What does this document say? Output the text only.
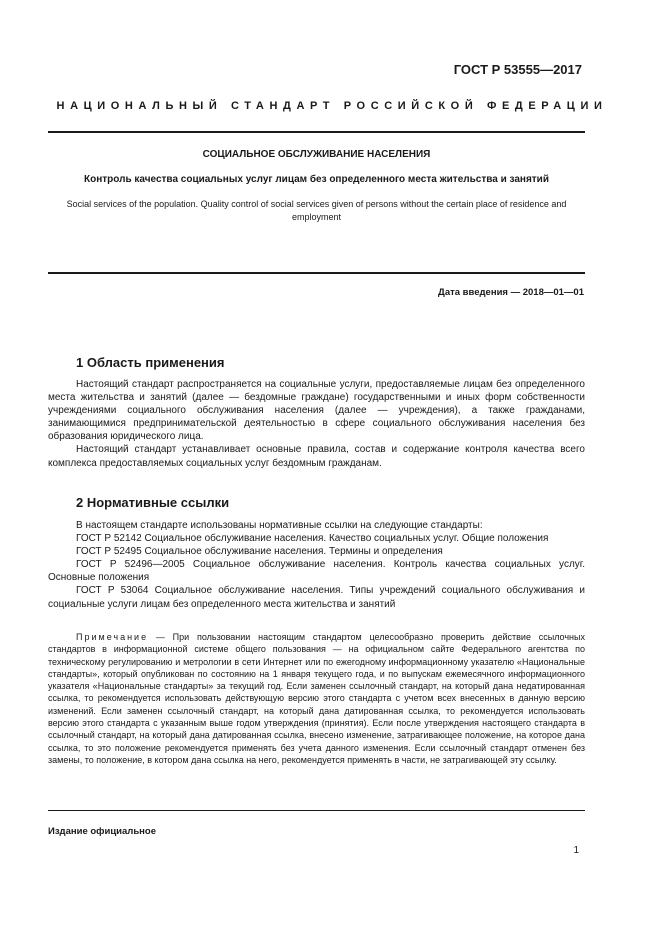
ГОСТ Р 53555—2017
НАЦИОНАЛЬНЫЙ СТАНДАРТ РОССИЙСКОЙ ФЕДЕРАЦИИ
СОЦИАЛЬНОЕ ОБСЛУЖИВАНИЕ НАСЕЛЕНИЯ
Контроль качества социальных услуг лицам без определенного места жительства и занятий
Social services of the population. Quality control of social services given of persons without the certain place of residence and employment
Дата введения — 2018—01—01
1 Область применения

Настоящий стандарт распространяется на социальные услуги, предоставляемые лицам без определенного места жительства и занятий (далее — бездомные граждане) государственными и иных форм собственности учреждениями социального обслуживания населения (далее — учреждения), а также гражданами, занимающимися предпринимательской деятельностью в сфере социального обслуживания населения без образования юридического лица.

Настоящий стандарт устанавливает основные правила, состав и содержание контроля качества всего комплекса предоставляемых социальных услуг бездомным гражданам.

2 Нормативные ссылки

В настоящем стандарте использованы нормативные ссылки на следующие стандарты:

ГОСТ Р 52142 Социальное обслуживание населения. Качество социальных услуг. Общие положения

ГОСТ Р 52495 Социальное обслуживание населения. Термины и определения

ГОСТ Р 52496—2005 Социальное обслуживание населения. Контроль качества социальных услуг. Основные положения

ГОСТ Р 53064 Социальное обслуживание населения. Типы учреждений социального обслуживания и социальные услуги лицам без определенного места жительства и занятий

Примечание — При пользовании настоящим стандартом целесообразно проверить действие ссылочных стандартов в информационной системе общего пользования — на официальном сайте Федерального агентства по техническому регулированию и метрологии в сети Интернет или по ежегодному информационному указателю «Национальные стандарты», который опубликован по состоянию на 1 января текущего года, и по выпускам ежемесячного информационного указателя «Национальные стандарты» за текущий год. Если заменен ссылочный стандарт, на который дана недатированная ссылка, то рекомендуется использовать действующую версию этого стандарта с учетом всех внесенных в данную версию изменений. Если заменен ссылочный стандарт, на который дана датированная ссылка, то рекомендуется использовать версию этого стандарта с указанным выше годом утверждения (принятия). Если после утверждения настоящего стандарта в ссылочный стандарт, на который дана датированная ссылка, внесено изменение, затрагивающее положение, на которое дана ссылка, то это положение рекомендуется применять без учета данного изменения. Если ссылочный стандарт отменен без замены, то положение, в котором дана ссылка на него, рекомендуется применять в части, не затрагивающей эту ссылку.
Издание официальное
1
